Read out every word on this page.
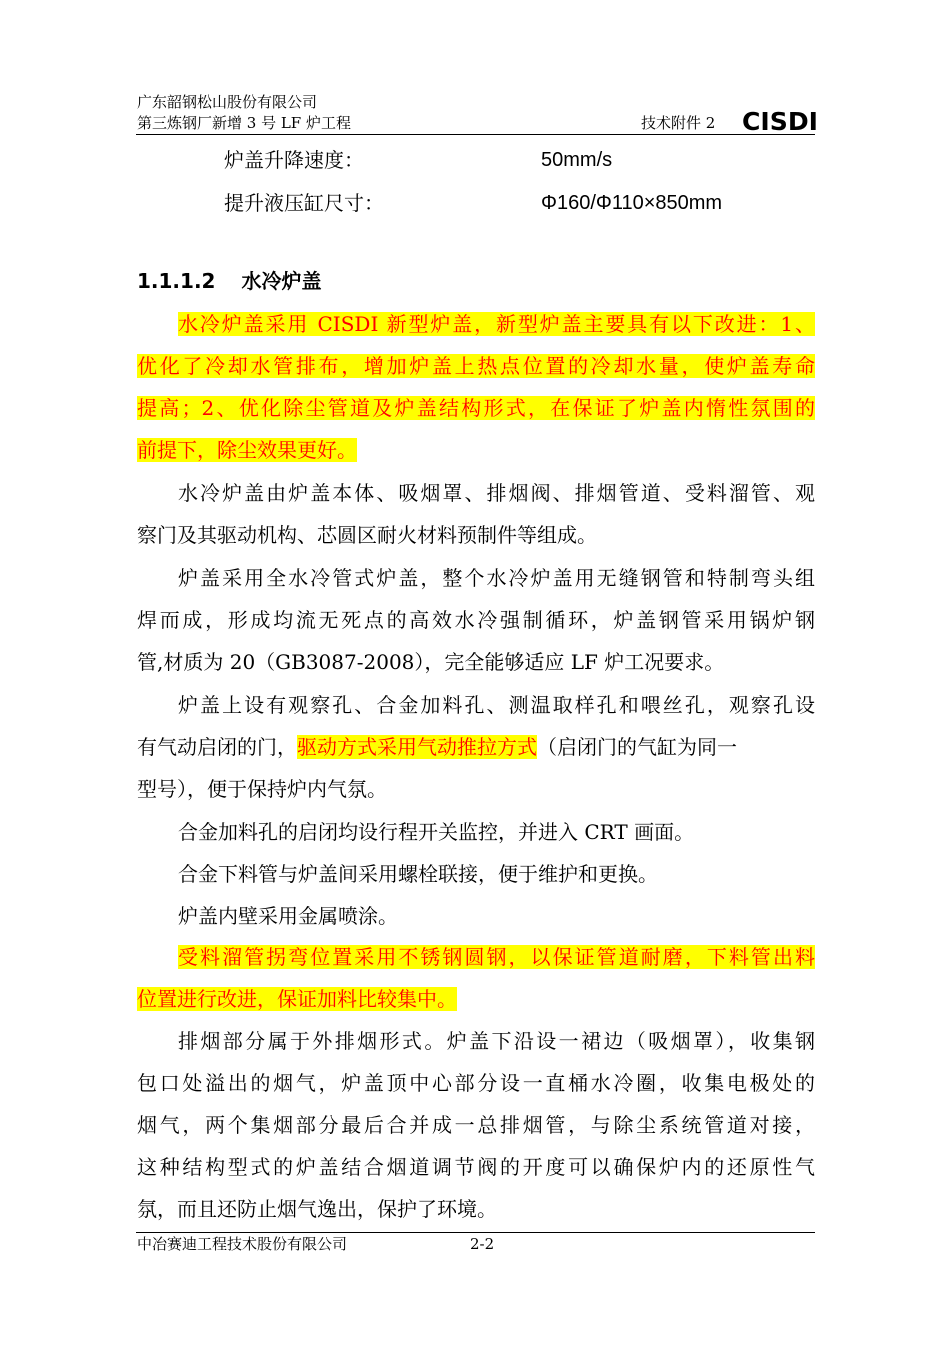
广东韶钢松山股份有限公司
第三炼钢厂新增 3 号 LF 炉工程	技术附件 2 CISDI
炉盖升降速度：	50mm/s
提升液压缸尺寸：	Φ160/Φ110×850mm
1.1.1.2 水冷炉盖
水冷炉盖采用 CISDI 新型炉盖，新型炉盖主要具有以下改进：1、
优化了冷却水管排布，增加炉盖上热点位置的冷却水量，使炉盖寿命
提高；2、优化除尘管道及炉盖结构形式，在保证了炉盖内惰性氛围的
前提下，除尘效果更好。
水冷炉盖由炉盖本体、吸烟罩、排烟阀、排烟管道、受料溜管、观
察门及其驱动机构、芯圆区耐火材料预制件等组成。
炉盖采用全水冷管式炉盖，整个水冷炉盖用无缝钢管和特制弯头组
焊而成，形成均流无死点的高效水冷强制循环，炉盖钢管采用锅炉钢
管,材质为 20（GB3087-2008），完全能够适应 LF 炉工况要求。
炉盖上设有观察孔、合金加料孔、测温取样孔和喂丝孔，观察孔设
有气动启闭的门，驱动方式采用气动推拉方式（启闭门的气缸为同一
型号），便于保持炉内气氛。
合金加料孔的启闭均设行程开关监控，并进入 CRT 画面。
合金下料管与炉盖间采用螺栓联接，便于维护和更换。
炉盖内壁采用金属喷涂。
受料溜管拐弯位置采用不锈钢圆钢，以保证管道耐磨，下料管出料
位置进行改进，保证加料比较集中。
排烟部分属于外排烟形式。炉盖下沿设一裙边（吸烟罩），收集钢
包口处溢出的烟气，炉盖顶中心部分设一直桶水冷圈，收集电极处的
烟气，两个集烟部分最后合并成一总排烟管，与除尘系统管道对接，
这种结构型式的炉盖结合烟道调节阀的开度可以确保炉内的还原性气
氛，而且还防止烟气逸出，保护了环境。
中冶赛迪工程技术股份有限公司	2-2
